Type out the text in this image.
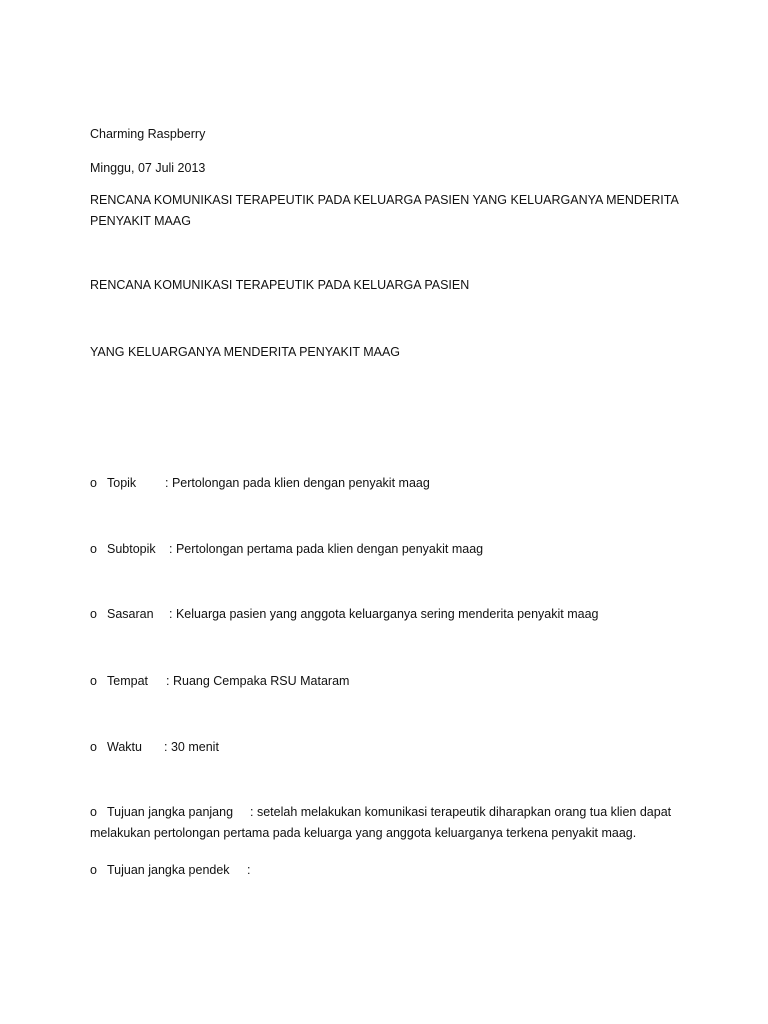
Charming Raspberry
Minggu, 07 Juli 2013
RENCANA KOMUNIKASI TERAPEUTIK PADA KELUARGA PASIEN YANG KELUARGANYA MENDERITA PENYAKIT MAAG
RENCANA KOMUNIKASI TERAPEUTIK PADA KELUARGA PASIEN
YANG KELUARGANYA MENDERITA PENYAKIT MAAG
o Topik : Pertolongan pada klien dengan penyakit maag
o Subtopik : Pertolongan pertama pada klien dengan penyakit maag
o Sasaran : Keluarga pasien yang anggota keluarganya sering menderita penyakit maag
o Tempat : Ruang Cempaka RSU Mataram
o Waktu : 30 menit
o Tujuan jangka panjang : setelah melakukan komunikasi terapeutik diharapkan orang tua klien dapat
melakukan pertolongan pertama pada keluarga yang anggota keluarganya terkena penyakit maag.
o Tujuan jangka pendek :
